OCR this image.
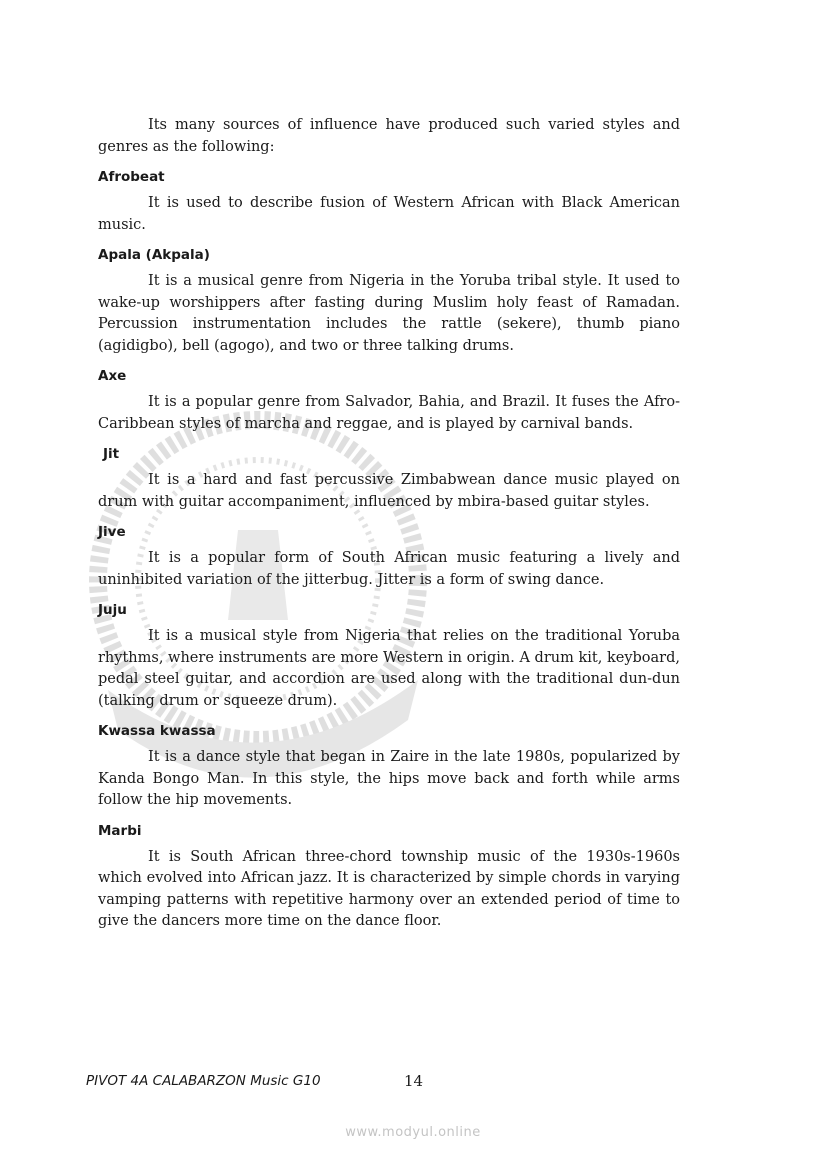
Its many sources of influence have produced such varied styles and genres as the following:

Afrobeat

It is used to describe fusion of Western African with Black American music.

Apala (Akpala)

It is a musical genre from Nigeria in the Yoruba tribal style. It used to wake-up worshippers after fasting during Muslim holy feast of Ramadan. Percussion instrumentation includes the rattle (sekere), thumb piano (agidigbo), bell (agogo), and two or three talking drums.

Axe

It is a popular genre from Salvador, Bahia, and Brazil. It fuses the Afro-Caribbean styles of marcha and reggae, and is played by carnival bands.

Jit

It is a hard and fast percussive Zimbabwean dance music played on drum with guitar accompaniment, influenced by mbira-based guitar styles.

Jive

It is a popular form of South African music featuring a lively and uninhibited variation of the jitterbug. Jitter is a form of swing dance.

Juju

It is a musical style from Nigeria that relies on the traditional Yoruba rhythms, where instruments are more Western in origin. A drum kit, keyboard, pedal steel guitar, and accordion are used along with the traditional dun-dun (talking drum or squeeze drum).

Kwassa kwassa

It is a dance style that began in Zaire in the late 1980s, popularized by Kanda Bongo Man. In this style, the hips move back and forth while arms follow the hip movements.

Marbi

It is South African three-chord township music of the 1930s-1960s which evolved into African jazz. It is characterized by simple chords in varying vamping patterns with repetitive harmony over an extended period of time to give the dancers more time on the dance floor.

PIVOT 4A CALABARZON Music G10	14
www.modyul.online
